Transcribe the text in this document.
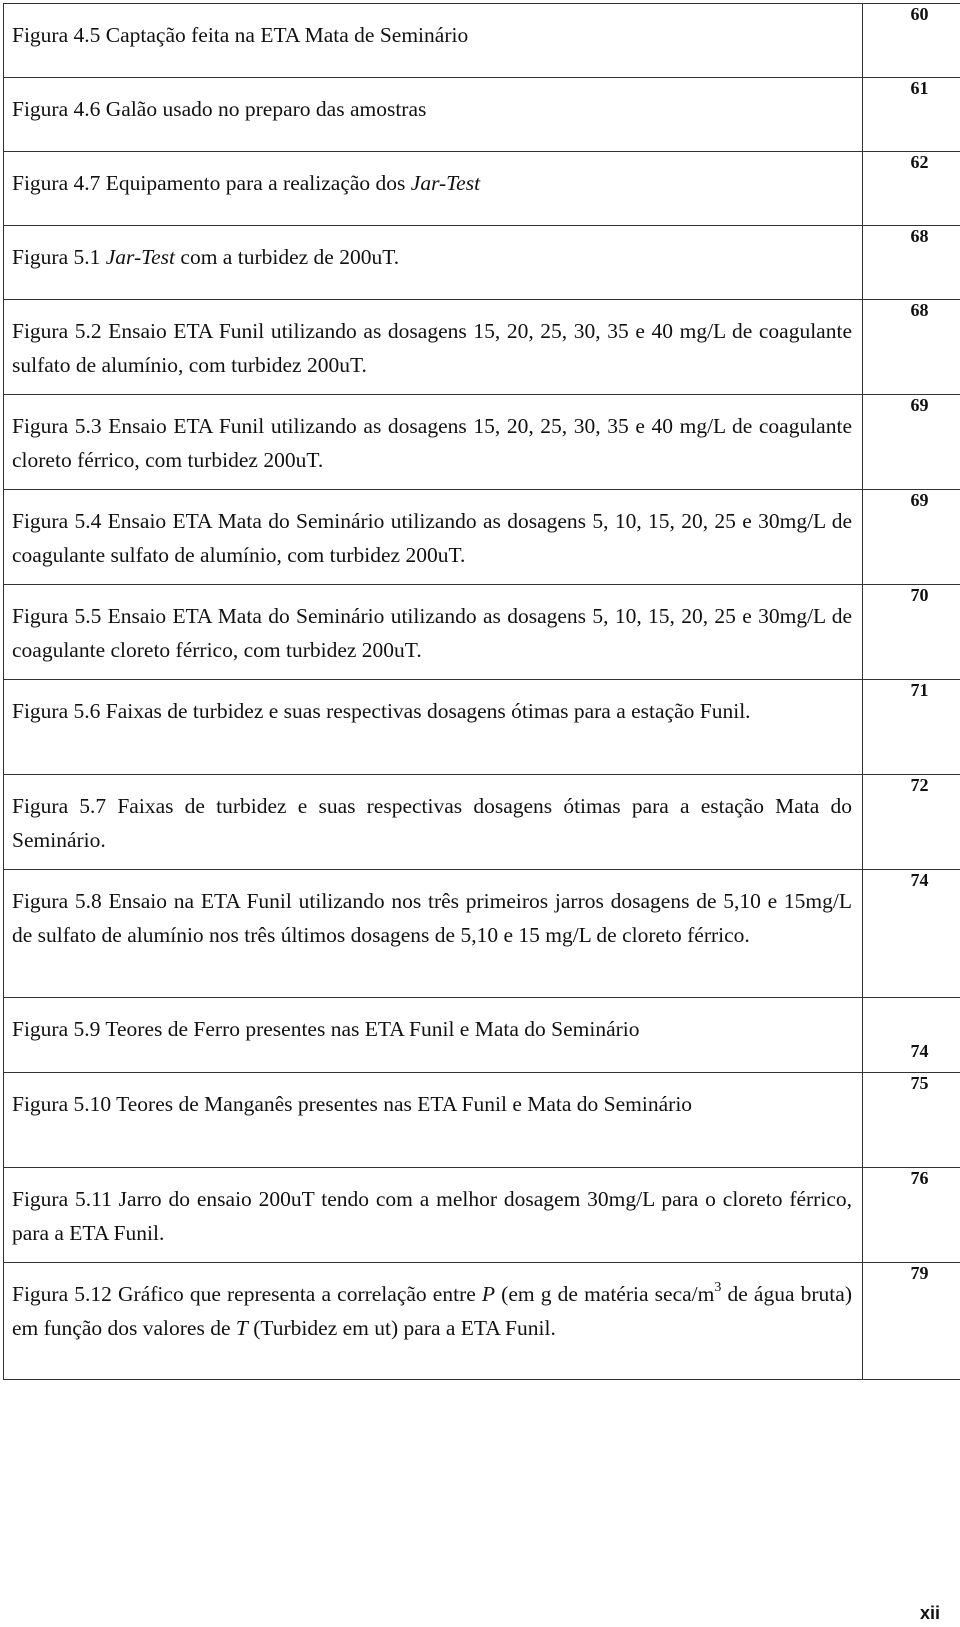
Figura 4.5 Captação feita na ETA Mata de Seminário	60
Figura 4.6 Galão usado no preparo das amostras	61
Figura 4.7 Equipamento para a realização dos Jar-Test	62
Figura 5.1 Jar-Test com a turbidez de 200uT.	68
Figura 5.2 Ensaio ETA Funil utilizando as dosagens 15, 20, 25, 30, 35 e 40 mg/L de coagulante sulfato de alumínio, com turbidez 200uT.	68
Figura 5.3 Ensaio ETA Funil utilizando as dosagens 15, 20, 25, 30, 35 e 40 mg/L de coagulante cloreto férrico, com turbidez 200uT.	69
Figura 5.4 Ensaio ETA Mata do Seminário utilizando as dosagens 5, 10, 15, 20, 25 e 30mg/L de coagulante sulfato de alumínio, com turbidez 200uT.	69
Figura 5.5 Ensaio ETA Mata do Seminário utilizando as dosagens 5, 10, 15, 20, 25 e 30mg/L de coagulante cloreto férrico, com turbidez 200uT.	70
Figura 5.6 Faixas de turbidez e suas respectivas dosagens ótimas para a estação Funil.	71
Figura 5.7 Faixas de turbidez e suas respectivas dosagens ótimas para a estação Mata do Seminário.	72
Figura 5.8 Ensaio na ETA Funil utilizando nos três primeiros jarros dosagens de 5,10 e 15mg/L de sulfato de alumínio nos três últimos dosagens de 5,10 e 15 mg/L de cloreto férrico.	74
Figura 5.9 Teores de Ferro presentes nas ETA Funil e Mata do Seminário	74
Figura 5.10 Teores de Manganês presentes nas ETA Funil e Mata do Seminário	75
Figura 5.11 Jarro do ensaio 200uT tendo com a melhor dosagem 30mg/L para o cloreto férrico, para a ETA Funil.	76
Figura 5.12 Gráfico que representa a correlação entre P (em g de matéria seca/$m^3$ de água bruta) em função dos valores de T (Turbidez em ut) para a ETA Funil.	79
xii
